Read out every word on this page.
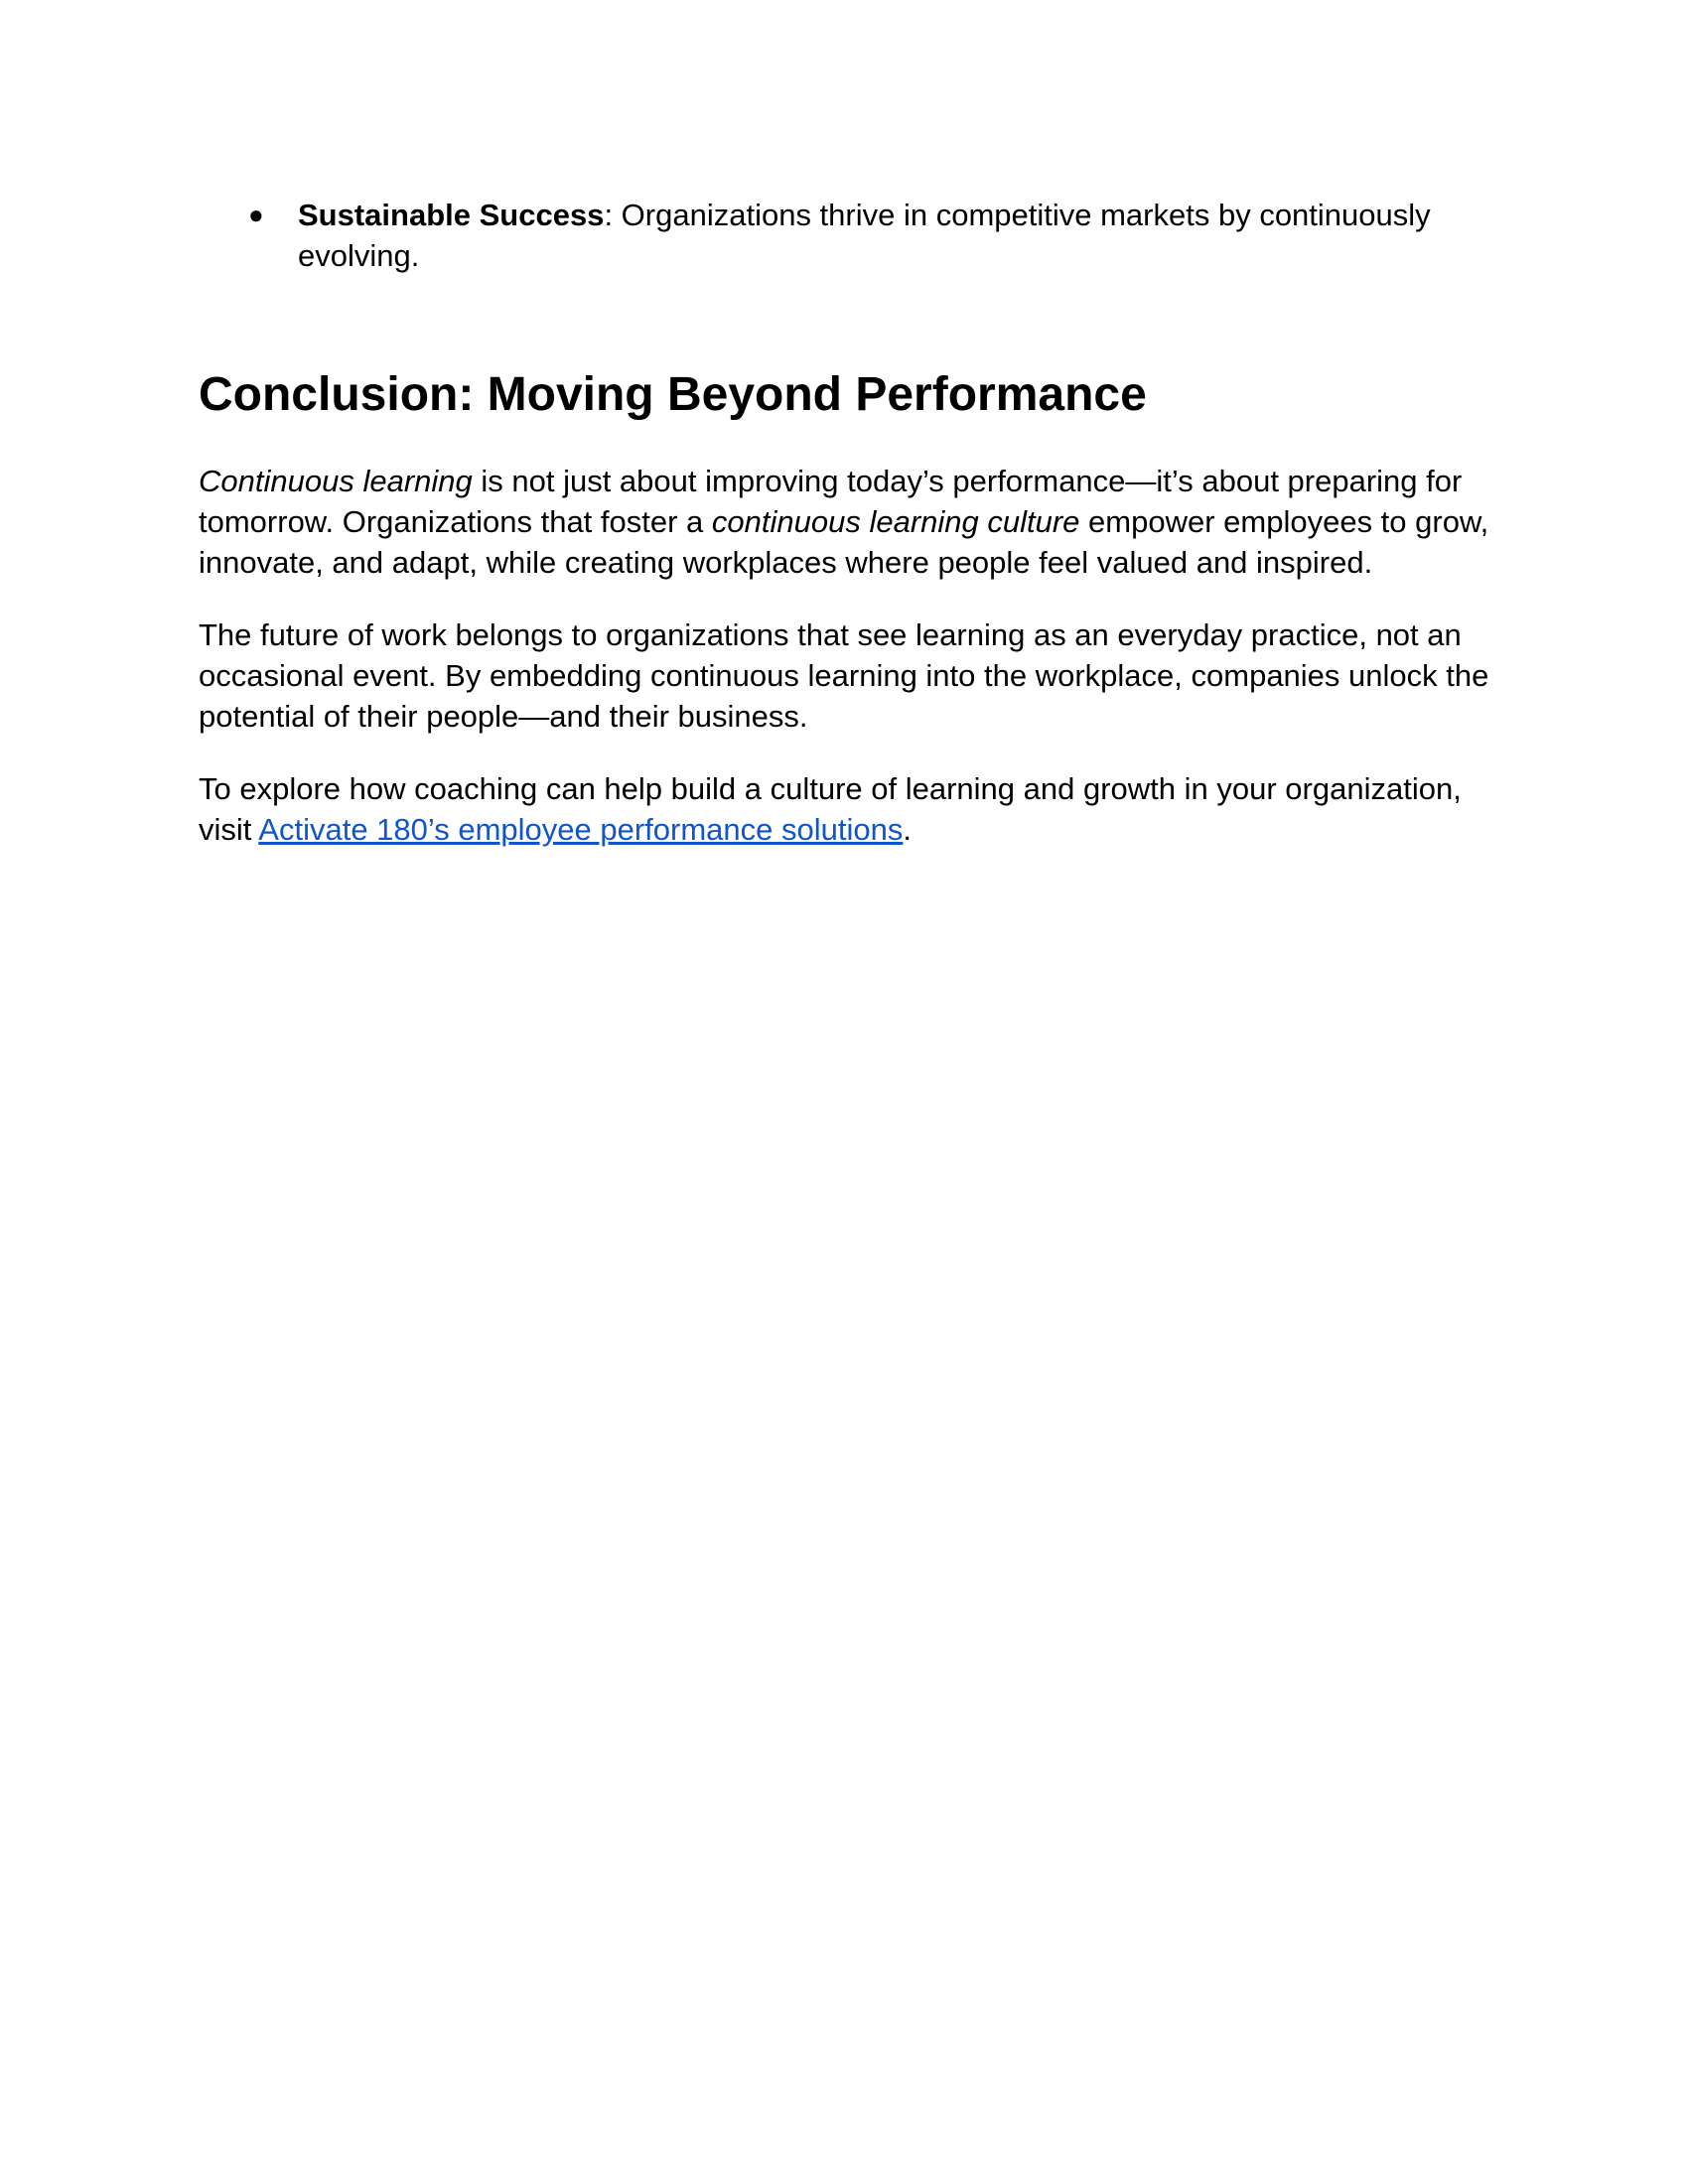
● Sustainable Success: Organizations thrive in competitive markets by continuously evolving.
Conclusion: Moving Beyond Performance

Continuous learning is not just about improving today’s performance—it’s about preparing for tomorrow. Organizations that foster a continuous learning culture empower employees to grow, innovate, and adapt, while creating workplaces where people feel valued and inspired.

The future of work belongs to organizations that see learning as an everyday practice, not an occasional event. By embedding continuous learning into the workplace, companies unlock the potential of their people—and their business.

To explore how coaching can help build a culture of learning and growth in your organization, visit Activate 180’s employee performance solutions.
